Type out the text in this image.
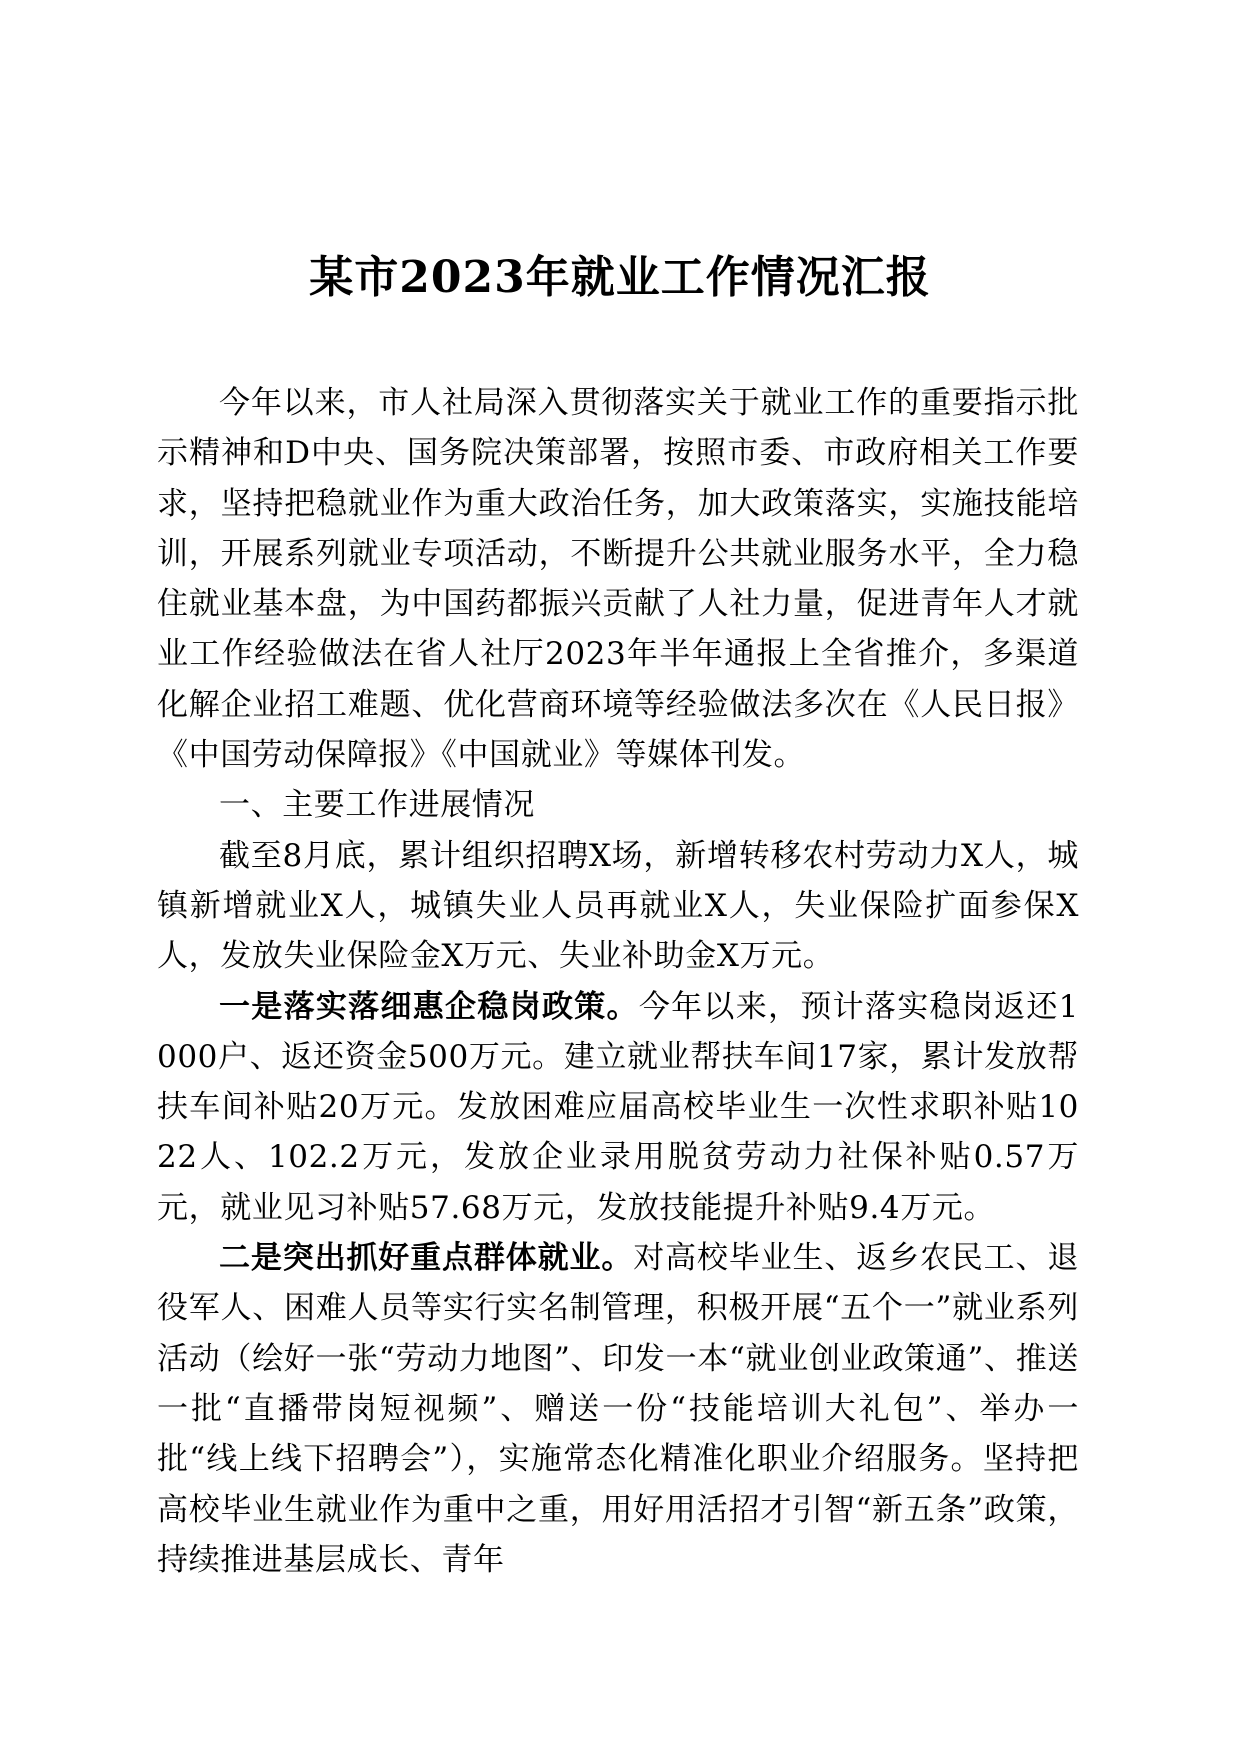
某市2023年就业工作情况汇报

今年以来，市人社局深入贯彻落实关于就业工作的重要指示批示精神和D中央、国务院决策部署，按照市委、市政府相关工作要求，坚持把稳就业作为重大政治任务，加大政策落实，实施技能培训，开展系列就业专项活动，不断提升公共就业服务水平，全力稳住就业基本盘，为中国药都振兴贡献了人社力量，促进青年人才就业工作经验做法在省人社厅2023年半年通报上全省推介，多渠道化解企业招工难题、优化营商环境等经验做法多次在《人民日报》《中国劳动保障报》《中国就业》等媒体刊发。

一、主要工作进展情况

截至8月底，累计组织招聘X场，新增转移农村劳动力X人，城镇新增就业X人，城镇失业人员再就业X人，失业保险扩面参保X人，发放失业保险金X万元、失业补助金X万元。

一是落实落细惠企稳岗政策。今年以来，预计落实稳岗返还1000户、返还资金500万元。建立就业帮扶车间17家，累计发放帮扶车间补贴20万元。发放困难应届高校毕业生一次性求职补贴1022人、102.2万元，发放企业录用脱贫劳动力社保补贴0.57万元，就业见习补贴57.68万元，发放技能提升补贴9.4万元。

二是突出抓好重点群体就业。对高校毕业生、返乡农民工、退役军人、困难人员等实行实名制管理，积极开展“五个一”就业系列活动（绘好一张“劳动力地图”、印发一本“就业创业政策通”、推送一批“直播带岗短视频”、赠送一份“技能培训大礼包”、举办一批“线上线下招聘会”），实施常态化精准化职业介绍服务。坚持把高校毕业生就业作为重中之重，用好用活招才引智“新五条”政策，持续推进基层成长、青年
